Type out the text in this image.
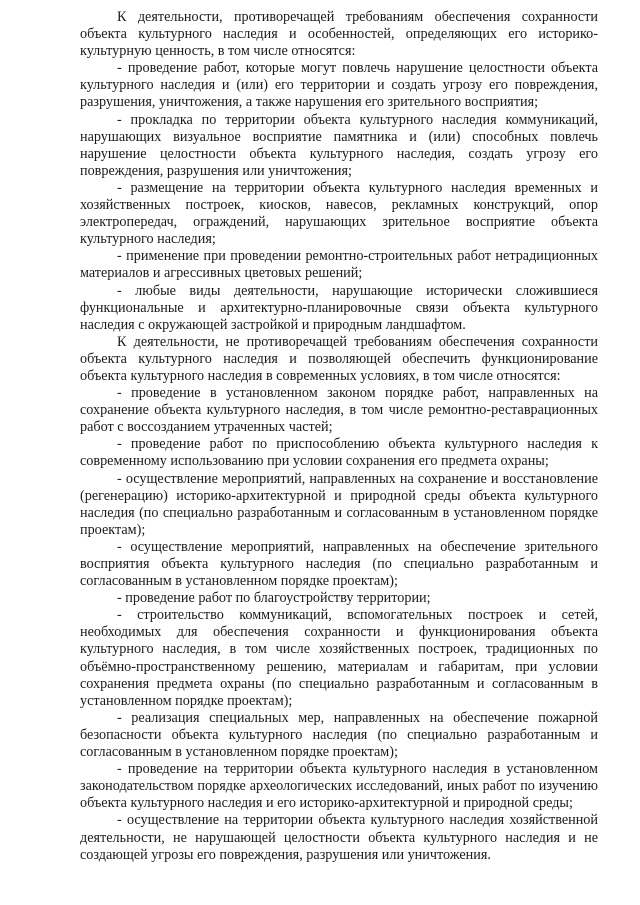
К деятельности, противоречащей требованиям обеспечения сохранности объекта культурного наследия и особенностей, определяющих его историко-культурную ценность, в том числе относятся:

- проведение работ, которые могут повлечь нарушение целостности объекта культурного наследия и (или) его территории и создать угрозу его повреждения, разрушения, уничтожения, а также нарушения его зрительного восприятия;

- прокладка по территории объекта культурного наследия коммуникаций, нарушающих визуальное восприятие памятника и (или) способных повлечь нарушение целостности объекта культурного наследия, создать угрозу его повреждения, разрушения или уничтожения;

- размещение на территории объекта культурного наследия временных и хозяйственных построек, киосков, навесов, рекламных конструкций, опор электропередач, ограждений, нарушающих зрительное восприятие объекта культурного наследия;

- применение при проведении ремонтно-строительных работ нетрадиционных материалов и агрессивных цветовых решений;

- любые виды деятельности, нарушающие исторически сложившиеся функциональные и архитектурно-планировочные связи объекта культурного наследия с окружающей застройкой и природным ландшафтом.

К деятельности, не противоречащей требованиям обеспечения сохранности объекта культурного наследия и позволяющей обеспечить функционирование объекта культурного наследия в современных условиях, в том числе относятся:

- проведение в установленном законом порядке работ, направленных на сохранение объекта культурного наследия, в том числе ремонтно-реставрационных работ с воссозданием утраченных частей;

- проведение работ по приспособлению объекта культурного наследия к современному использованию при условии сохранения его предмета охраны;

- осуществление мероприятий, направленных на сохранение и восстановление (регенерацию) историко-архитектурной и природной среды объекта культурного наследия (по специально разработанным и согласованным в установленном порядке проектам);

- осуществление мероприятий, направленных на обеспечение зрительного восприятия объекта культурного наследия (по специально разработанным и согласованным в установленном порядке проектам);

- проведение работ по благоустройству территории;

- строительство коммуникаций, вспомогательных построек и сетей, необходимых для обеспечения сохранности и функционирования объекта культурного наследия, в том числе хозяйственных построек, традиционных по объёмно-пространственному решению, материалам и габаритам, при условии сохранения предмета охраны (по специально разработанным и согласованным в установленном порядке проектам);

- реализация специальных мер, направленных на обеспечение пожарной безопасности объекта культурного наследия (по специально разработанным и согласованным в установленном порядке проектам);

- проведение на территории объекта культурного наследия в установленном законодательством порядке археологических исследований, иных работ по изучению объекта культурного наследия и его историко-архитектурной и природной среды;

- осуществление на территории объекта культурного наследия хозяйственной деятельности, не нарушающей целостности объекта культурного наследия и не создающей угрозы его повреждения, разрушения или уничтожения.
